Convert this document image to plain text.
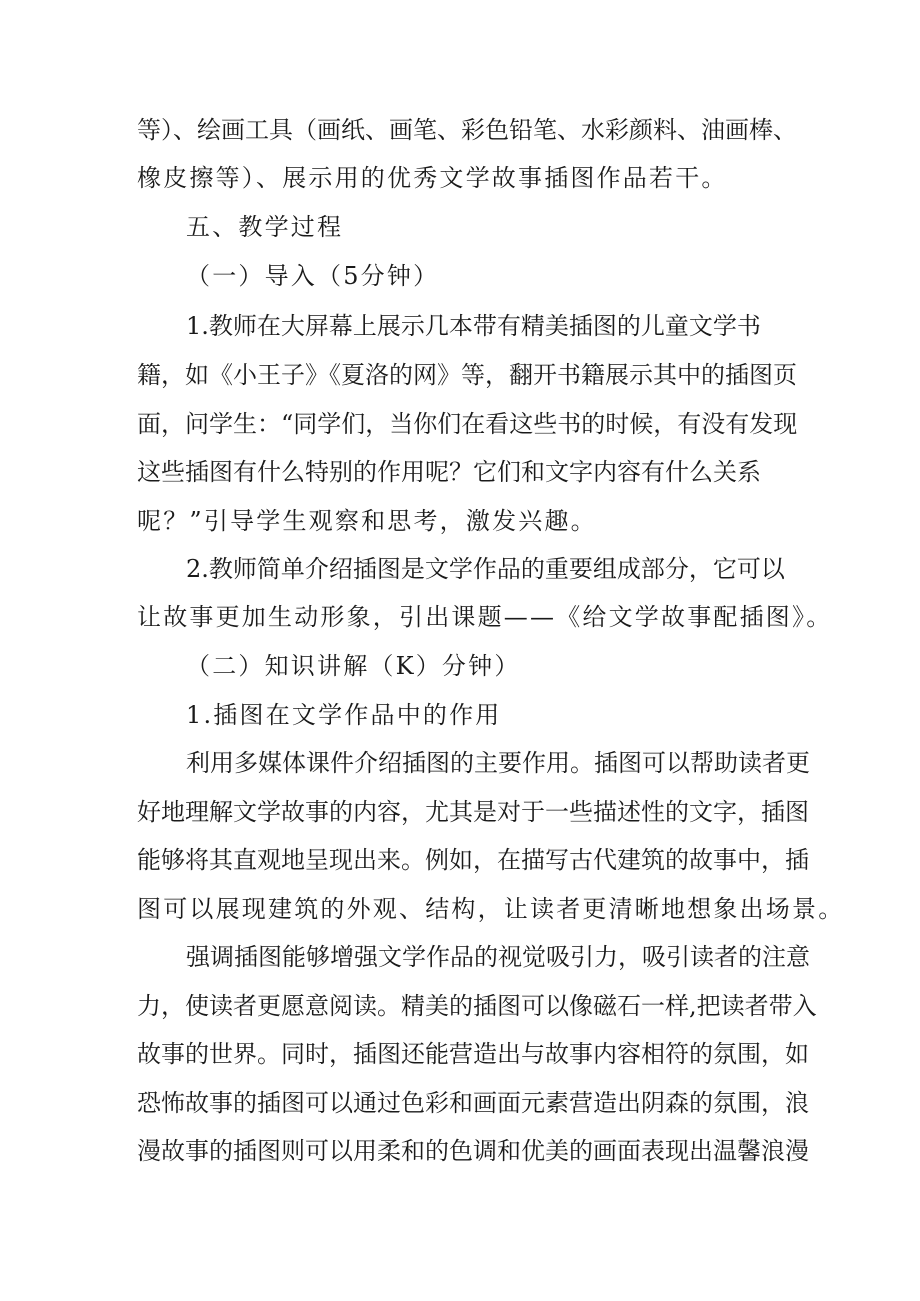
等）、绘画工具（画纸、画笔、彩色铅笔、水彩颜料、油画棒、
橡皮擦等）、展示用的优秀文学故事插图作品若干。
五、教学过程
（一）导入（5分钟）
1.教师在大屏幕上展示几本带有精美插图的儿童文学书
籍，如《小王子》《夏洛的网》等，翻开书籍展示其中的插图页
面，问学生：“同学们，当你们在看这些书的时候，有没有发现
这些插图有什么特别的作用呢？它们和文字内容有什么关系
呢？”引导学生观察和思考，激发兴趣。
2.教师简单介绍插图是文学作品的重要组成部分，它可以
让故事更加生动形象，引出课题——《给文学故事配插图》。
（二）知识讲解（K）分钟）
1.插图在文学作品中的作用
利用多媒体课件介绍插图的主要作用。插图可以帮助读者更
好地理解文学故事的内容，尤其是对于一些描述性的文字，插图
能够将其直观地呈现出来。例如，在描写古代建筑的故事中，插
图可以展现建筑的外观、结构，让读者更清晰地想象出场景。
强调插图能够增强文学作品的视觉吸引力，吸引读者的注意
力，使读者更愿意阅读。精美的插图可以像磁石一样,把读者带入
故事的世界。同时，插图还能营造出与故事内容相符的氛围，如
恐怖故事的插图可以通过色彩和画面元素营造出阴森的氛围，浪
漫故事的插图则可以用柔和的色调和优美的画面表现出温馨浪漫
